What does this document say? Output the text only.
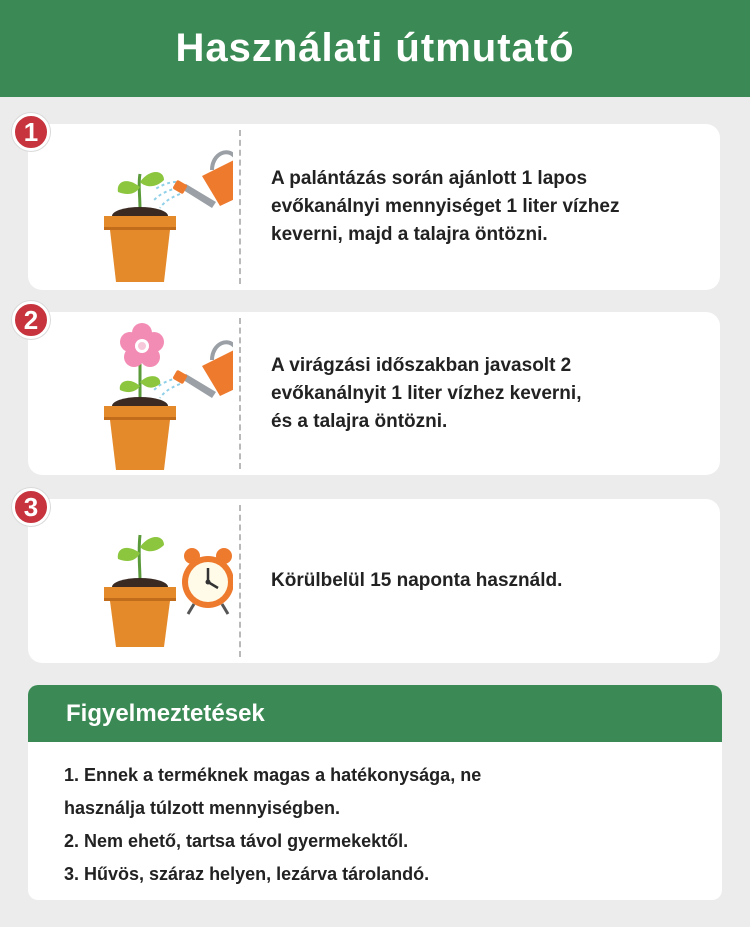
Használati útmutató
A palántázás során ajánlott 1 lapos
evőkanálnyi mennyiséget 1 liter vízhez
keverni, majd a talajra öntözni.
1
A virágzási időszakban javasolt 2
evőkanálnyit 1 liter vízhez keverni,
és a talajra öntözni.
2
Körülbelül 15 naponta használd.
3
Figyelmeztetések
1. Ennek a terméknek magas a hatékonysága, ne
használja túlzott mennyiségben.
2. Nem ehető, tartsa távol gyermekektől.
3. Hűvös, száraz helyen, lezárva tárolandó.
